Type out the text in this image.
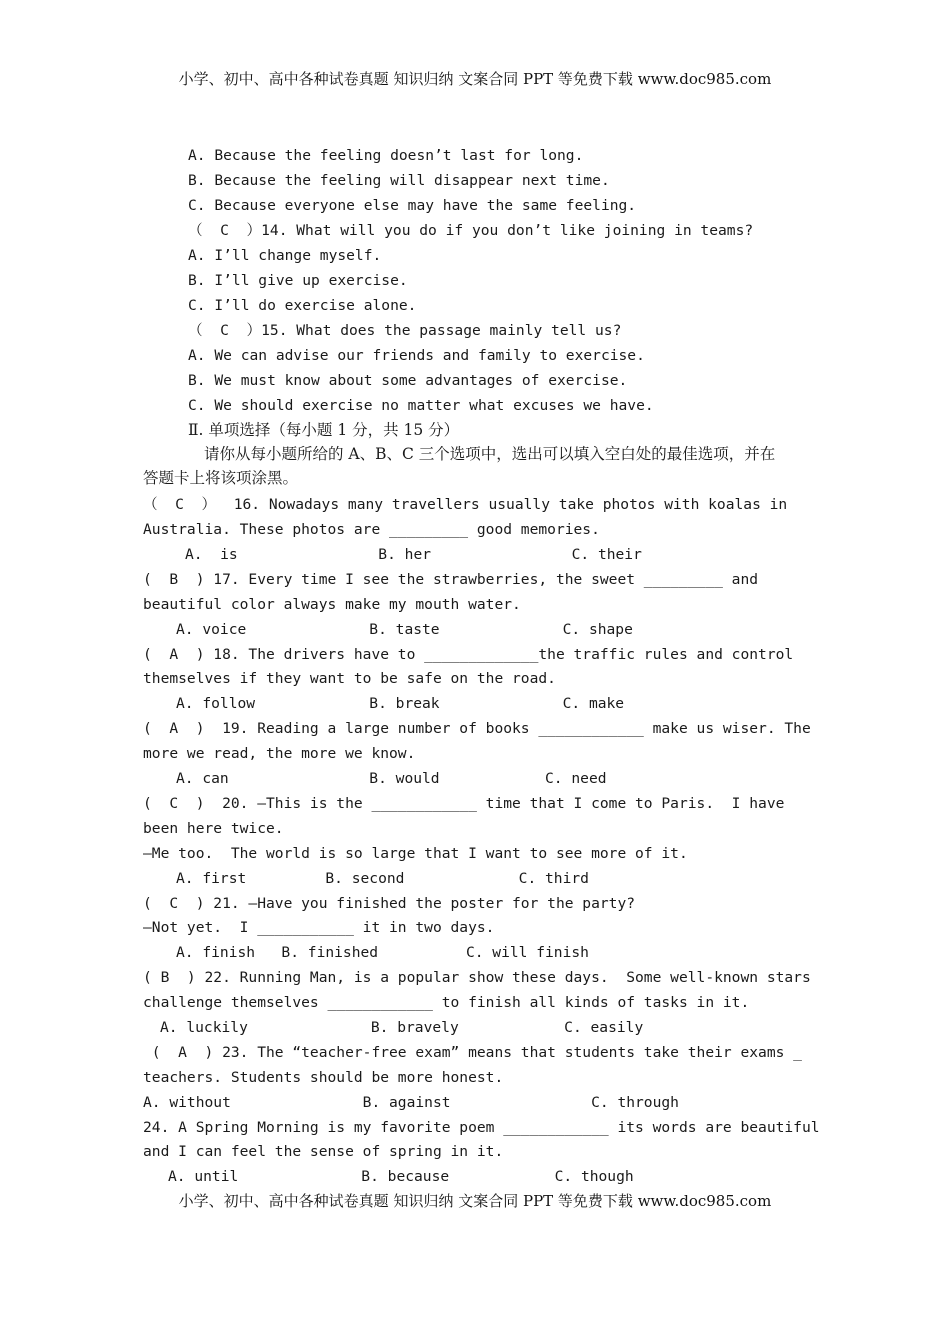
小学、初中、高中各种试卷真题 知识归纳 文案合同 PPT 等免费下载 www.doc985.com
A. Because the feeling doesn’t last for long.
B. Because the feeling will disappear next time.
C. Because everyone else may have the same feeling.
（  C  ）14. What will you do if you don’t like joining in teams?
A. I’ll change myself.
B. I’ll give up exercise.
C. I’ll do exercise alone.
（  C  ）15. What does the passage mainly tell us?
A. We can advise our friends and family to exercise.
B. We must know about some advantages of exercise.
C. We should exercise no matter what excuses we have.
Ⅱ. 单项选择（每小题 1 分，共 15 分）
请你从每小题所给的 A、B、C 三个选项中，选出可以填入空白处的最佳选项，并在
答题卡上将该项涂黑。
（  C  ）  16. Nowadays many travellers usually take photos with koalas in
Australia. These photos are _________ good memories.
A.  is                B. her                C. their
(  B  ) 17. Every time I see the strawberries, the sweet _________ and
beautiful color always make my mouth water.
A. voice              B. taste              C. shape
(  A  ) 18. The drivers have to _____________the traffic rules and control
themselves if they want to be safe on the road.
A. follow             B. break              C. make
(  A  )  19. Reading a large number of books ____________ make us wiser. The
more we read, the more we know.
A. can                B. would            C. need
(  C  )  20. —This is the ____________ time that I come to Paris.  I have
been here twice.
—Me too.  The world is so large that I want to see more of it.
A. first         B. second             C. third
(  C  ) 21. —Have you finished the poster for the party?
—Not yet.  I ___________ it in two days.
A. finish   B. finished          C. will finish
( B  ) 22. Running Man, is a popular show these days.  Some well-known stars
challenge themselves ____________ to finish all kinds of tasks in it.
A. luckily              B. bravely            C. easily
(  A  ) 23. The “teacher-free exam” means that students take their exams _
teachers. Students should be more honest.
A. without               B. against                C. through
24. A Spring Morning is my favorite poem ____________ its words are beautiful
and I can feel the sense of spring in it.
A. until              B. because            C. though
小学、初中、高中各种试卷真题 知识归纳 文案合同 PPT 等免费下载 www.doc985.com
